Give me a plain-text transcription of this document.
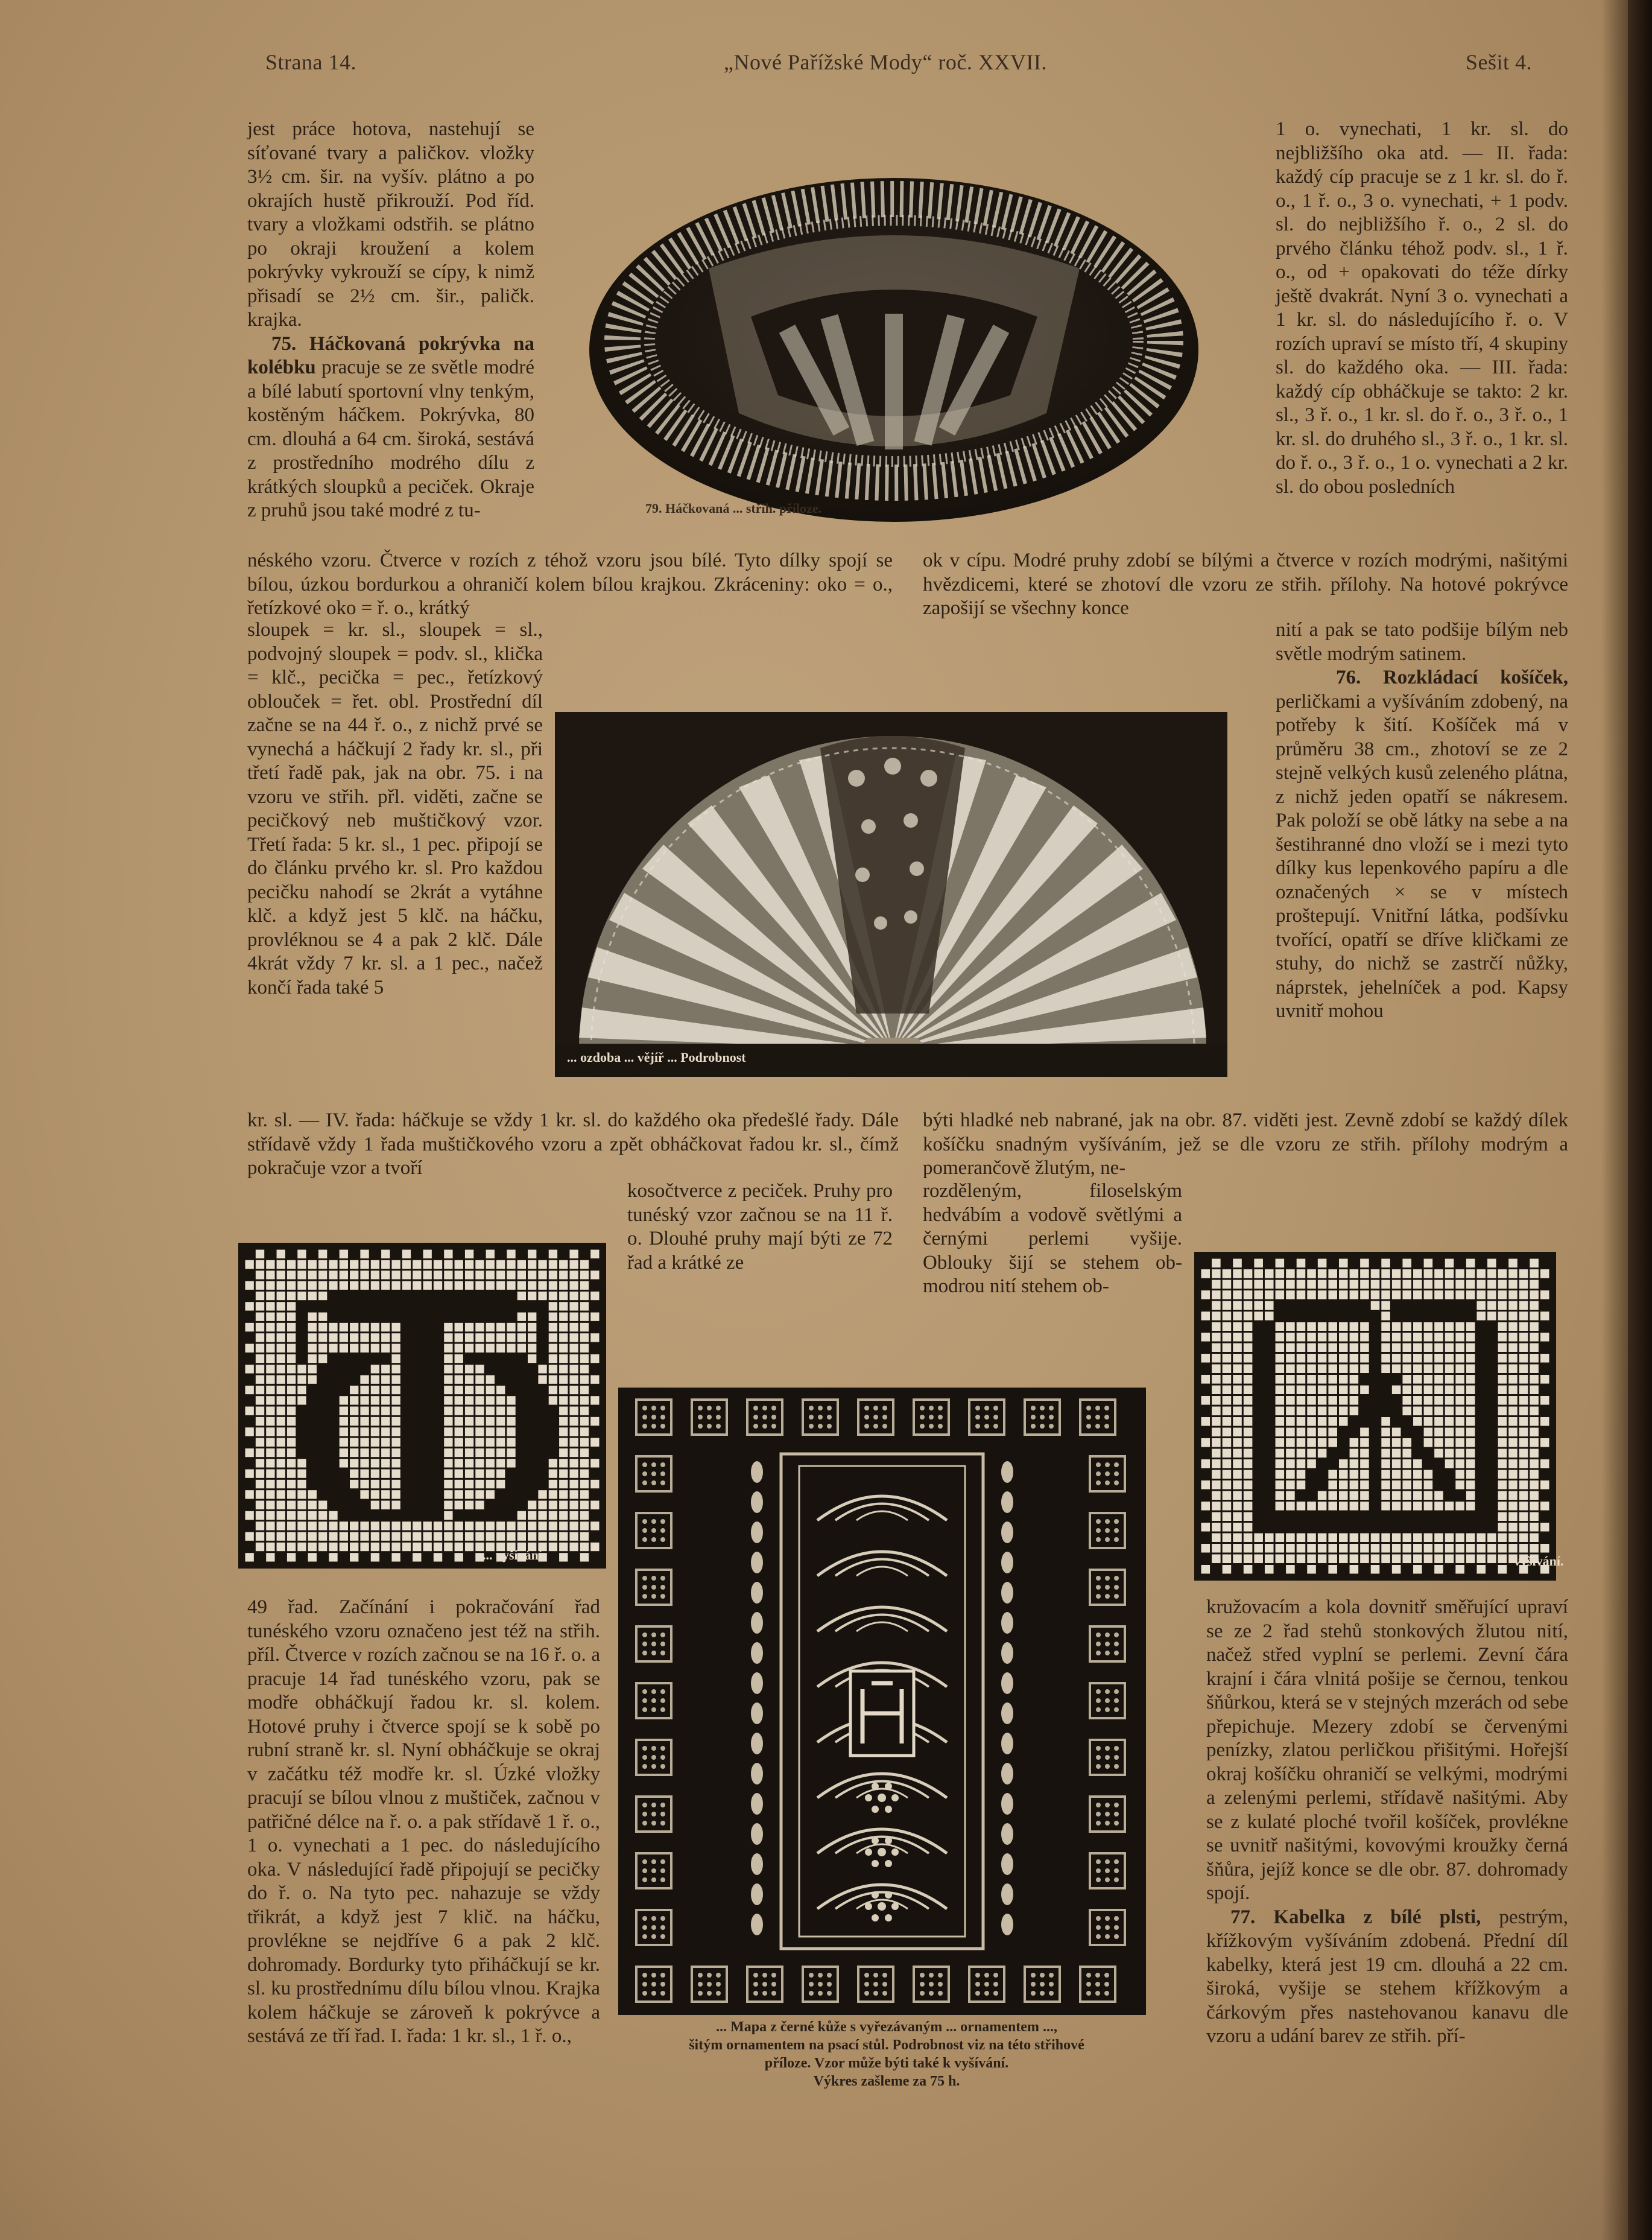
Strana 14.	„Nové Pařížské Mody“ roč. XXVII.	Sešit 4.

jest práce hotova, nastehují se síťované tvary a paličkov. vložky 3½ cm. šir. na vyšív. plátno a po okrajích hustě přikrouží. Pod říd. tvary a vložkami odstřih. se plátno po okraji kroužení a kolem pokrývky vykrouží se cípy, k nimž přisadí se 2½ cm. šir., paličk. krajka.

75. Háčkovaná pokrývka na kolébku pracuje se ze světle modré a bílé labutí sportovní vlny tenkým, kostěným háčkem. Pokrývka, 80 cm. dlouhá a 64 cm. široká, sestává z prostředního modrého dílu z krátkých sloupků a peciček. Okraje z pruhů jsou také modré z tu-	79. Háčkovaná ... střih. příloze.

1 o. vynechati, 1 kr. sl. do nejbližšího oka atd. — II. řada: každý cíp pracuje se z 1 kr. sl. do ř. o., 1 ř. o., 3 o. vynechati, + 1 podv. sl. do nejbližšího ř. o., 2 sl. do prvého článku téhož podv. sl., 1 ř. o., od + opakovati do téže dírky ještě dvakrát. Nyní 3 o. vynechati a 1 kr. sl. do následujícího ř. o. V rozích upraví se místo tří, 4 skupiny sl. do každého oka. — III. řada: každý cíp obháčkuje se takto: 2 kr. sl., 3 ř. o., 1 kr. sl. do ř. o., 3 ř. o., 1 kr. sl. do druhého sl., 3 ř. o., 1 kr. sl. do ř. o., 3 ř. o., 1 o. vynechati a 2 kr. sl. do obou posledních

néského vzoru. Čtverce v rozích z téhož vzoru jsou bílé. Tyto dílky spojí se bílou, úzkou bordurkou a ohraničí kolem bílou krajkou. Zkráceniny: oko = o., řetízkové oko = ř. o., krátký

ok v cípu. Modré pruhy zdobí se bílými a čtverce v rozích modrými, našitými hvězdicemi, které se zhotoví dle vzoru ze střih. přílohy. Na hotové pokrývce zapošijí se všechny konce

sloupek = kr. sl., sloupek = sl., podvojný sloupek = podv. sl., klička = klč., pecička = pec., řetízkový oblouček = řet. obl. Prostřední díl začne se na 44 ř. o., z nichž prvé se vynechá a háčkují 2 řady kr. sl., při třetí řadě pak, jak na obr. 75. i na vzoru ve střih. přl. viděti, začne se pecičkový neb muštičkový vzor. Třetí řada: 5 kr. sl., 1 pec. připojí se do článku prvého kr. sl. Pro každou pecičku nahodí se 2krát a vytáhne klč. a když jest 5 klč. na háčku, provléknou se 4 a pak 2 klč. Dále 4krát vždy 7 kr. sl. a 1 pec., načež končí řada také 5

... ozdoba ... vějíř ... Podrobnost

nití a pak se tato podšije bílým neb světle modrým satinem.

76. Rozkládací košíček, perličkami a vyšíváním zdobený, na potřeby k šití. Košíček má v průměru 38 cm., zhotoví se ze 2 stejně velkých kusů zeleného plátna, z nichž jeden opatří se nákresem. Pak položí se obě látky na sebe a na šestihranné dno vloží se i mezi tyto dílky kus lepenkového papíru a dle označených × se v místech proštepují. Vnitřní látka, podšívku tvořící, opatří se dříve kličkami ze stuhy, do nichž se zastrčí nůžky, náprstek, jehelníček a pod. Kapsy uvnitř mohou

kr. sl. — IV. řada: háčkuje se vždy 1 kr. sl. do každého oka předešlé řady. Dále střídavě vždy 1 řada muštičkového vzoru a zpět obháčkovat řadou kr. sl., čímž pokračuje vzor a tvoří

býti hladké neb nabrané, jak na obr. 87. viděti jest. Zevně zdobí se každý dílek košíčku snadným vyšíváním, jež se dle vzoru ze střih. přílohy modrým a pomerančově žlutým, ne-

kosočtverce z peciček. Pruhy pro tunéský vzor začnou se na 11 ř. o. Dlouhé pruhy mají býti ze 72 řad a krátké ze

rozděleným, filoselským hedvábím a vodově světlými a černými perlemi vyšije. Oblouky šijí se stehem ob- modrou nití stehem ob-

... vyšívání.	vyšívání.
... Mapa z černé kůže s vyřezávaným ... ornamentem ...,
šitým ornamentem na psací stůl. Podrobnost viz na této střihové
příloze. Vzor může býti také k vyšívání.
Výkres zašleme za 75 h.

49 řad. Začínání i pokračování řad tunéského vzoru označeno jest též na střih. příl. Čtverce v rozích začnou se na 16 ř. o. a pracuje 14 řad tunéského vzoru, pak se modře obháčkují řadou kr. sl. kolem. Hotové pruhy i čtverce spojí se k sobě po rubní straně kr. sl. Nyní obháčkuje se okraj v začátku též modře kr. sl. Úzké vložky pracují se bílou vlnou z muštiček, začnou v patřičné délce na ř. o. a pak střídavě 1 ř. o., 1 o. vynechati a 1 pec. do následujícího oka. V následující řadě připojují se pecičky do ř. o. Na tyto pec. nahazuje se vždy třikrát, a když jest 7 klič. na háčku, provlékne se nejdříve 6 a pak 2 klč. dohromady. Bordurky tyto přiháčkují se kr. sl. ku prostřednímu dílu bílou vlnou. Krajka kolem háčkuje se zároveň k pokrývce a sestává ze tří řad. I. řada: 1 kr. sl., 1 ř. o.,

kružovacím a kola dovnitř směřující upraví se ze 2 řad stehů stonkových žlutou nití, načež střed vyplní se perlemi. Zevní čára krajní i čára vlnitá pošije se černou, tenkou šňůrkou, která se v stejných mzerách od sebe přepichuje. Mezery zdobí se červenými penízky, zlatou perličkou přišitými. Hořejší okraj košíčku ohraničí se velkými, modrými a zelenými perlemi, střídavě našitými. Aby se z kulaté ploché tvořil košíček, provlékne se uvnitř našitými, kovovými kroužky černá šňůra, jejíž konce se dle obr. 87. dohromady spojí.

77. Kabelka z bílé plsti, pestrým, křížkovým vyšíváním zdobená. Přední díl kabelky, která jest 19 cm. dlouhá a 22 cm. široká, vyšije se stehem křížkovým a čárkovým přes nastehovanou kanavu dle vzoru a udání barev ze střih. pří-
